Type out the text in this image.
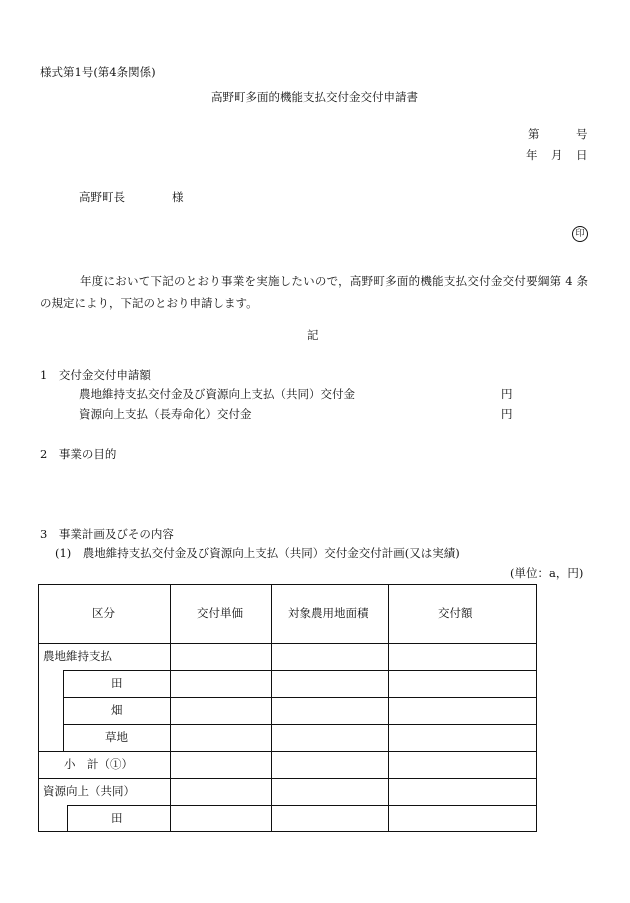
様式第1号(第4条関係)
高野町多面的機能支払交付金交付申請書
第	号
年 月 日
高野町長	様
印
年度において下記のとおり事業を実施したいので，高野町多面的機能支払交付金交付要綱第 4 条の規定により，下記のとおり申請します。
記
1　交付金交付申請額
農地維持支払交付金及び資源向上支払（共同）交付金	円
資源向上支払（長寿命化）交付金	円
2　事業の目的
3　事業計画及びその内容
(1)　農地維持支払交付金及び資源向上支払（共同）交付金交付計画(又は実績)
(単位：a，円)
区分	交付単価	対象農用地面積	交付額
農地維持支払
田
畑
草地
小　計（①）
資源向上（共同）
田
